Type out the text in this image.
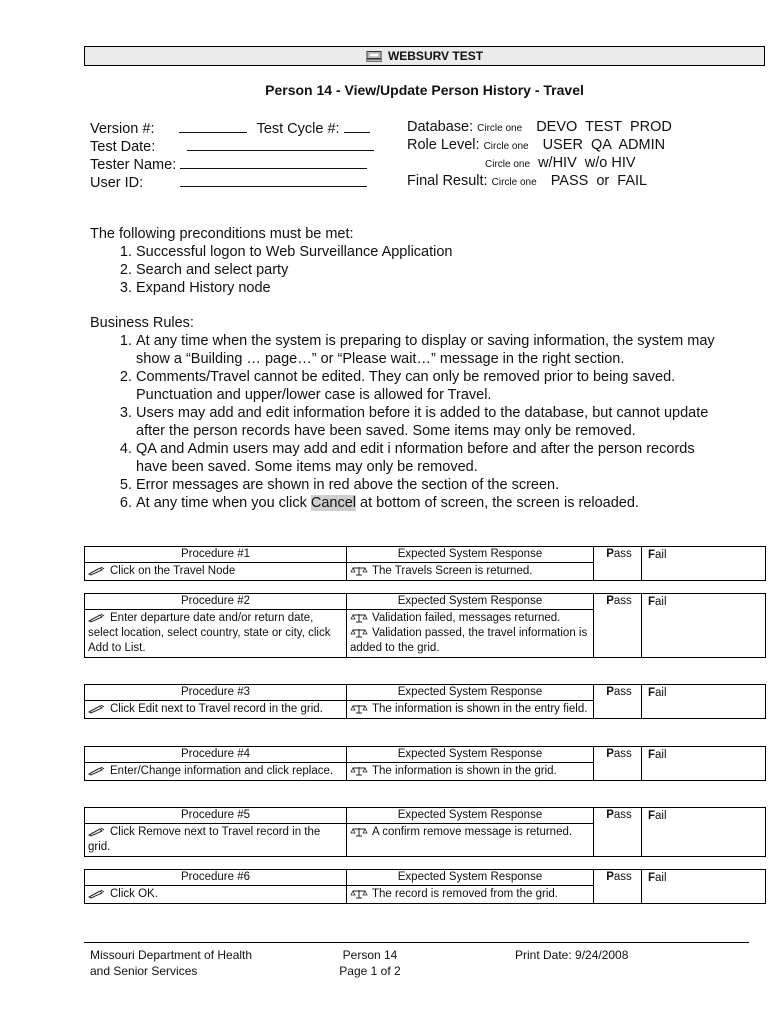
WEBSURV TEST
Person 14 - View/Update Person History - Travel
Version #:	Test Cycle #:
Test Date:
Tester Name:
User ID:
Database: Circle one DEVO  TEST  PROD
Role Level: Circle one USER  QA  ADMIN
Circle one w/HIV  w/o HIV
Final Result: Circle one PASS  or  FAIL
The following preconditions must be met:
1. Successful logon to Web Surveillance Application
2. Search and select party
3. Expand History node
Business Rules:
1. At any time when the system is preparing to display or saving information, the system may show a “Building … page…” or “Please wait…” message in the right section.
2. Comments/Travel cannot be edited. They can only be removed prior to being saved. Punctuation and upper/lower case is allowed for Travel.
3. Users may add and edit information before it is added to the database, but cannot update after the person records have been saved. Some items may only be removed.
4. QA and Admin users may add and edit i nformation before and after the person records have been saved. Some items may only be removed.
5. Error messages are shown in red above the section of the screen.
6. At any time when you click Cancel at bottom of screen, the screen is reloaded.
Procedure #1	Expected System Response	Pass	Fail
Click on the Travel Node	The Travels Screen is returned.		
Procedure #2	Expected System Response	Pass	Fail
Enter departure date and/or return date, select location, select country, state or city, click Add to List.	Validation failed, messages returned.
Validation passed, the travel information is added to the grid.		
Procedure #3	Expected System Response	Pass	Fail
Click Edit next to Travel record in the grid.	The information is shown in the entry field.		
Procedure #4	Expected System Response	Pass	Fail
Enter/Change information and click replace.	The information is shown in the grid.		
Procedure #5	Expected System Response	Pass	Fail
Click Remove next to Travel record in the grid.	A confirm remove message is returned.		
Procedure #6	Expected System Response	Pass	Fail
Click OK.	The record is removed from the grid.		
Missouri Department of Health
and Senior Services
Person 14
Page 1 of 2
Print Date: 9/24/2008
